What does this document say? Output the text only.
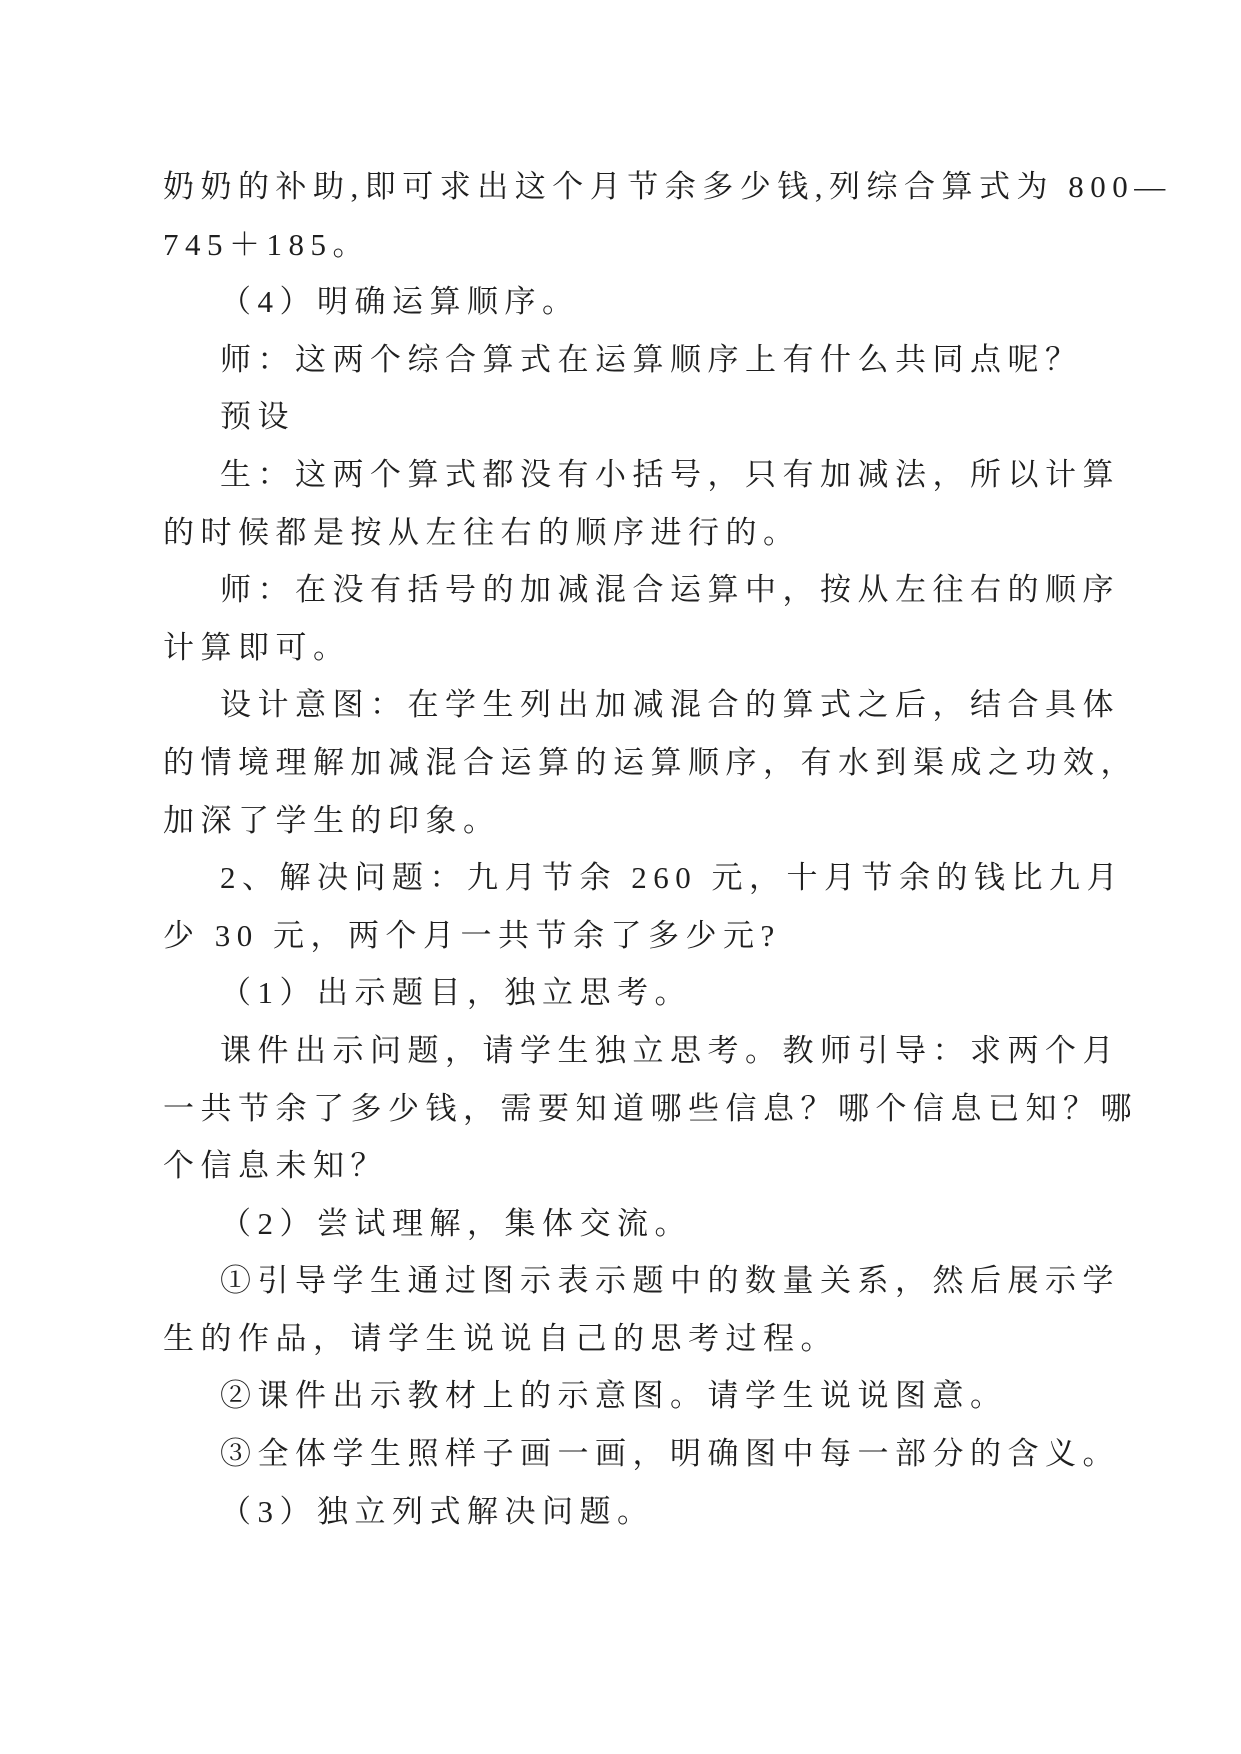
奶奶的补助,即可求出这个月节余多少钱,列综合算式为 800—

745＋185。

（4）明确运算顺序。

师：这两个综合算式在运算顺序上有什么共同点呢？

预设

生：这两个算式都没有小括号，只有加减法，所以计算

的时候都是按从左往右的顺序进行的。

师：在没有括号的加减混合运算中，按从左往右的顺序

计算即可。

设计意图：在学生列出加减混合的算式之后，结合具体

的情境理解加减混合运算的运算顺序，有水到渠成之功效，

加深了学生的印象。

2、解决问题：九月节余 260 元，十月节余的钱比九月

少 30 元，两个月一共节余了多少元?

（1）出示题目，独立思考。

课件出示问题，请学生独立思考。教师引导：求两个月

一共节余了多少钱，需要知道哪些信息？哪个信息已知？哪

个信息未知？

（2）尝试理解，集体交流。

①引导学生通过图示表示题中的数量关系，然后展示学

生的作品，请学生说说自己的思考过程。

②课件出示教材上的示意图。请学生说说图意。

③全体学生照样子画一画，明确图中每一部分的含义。

（3）独立列式解决问题。
